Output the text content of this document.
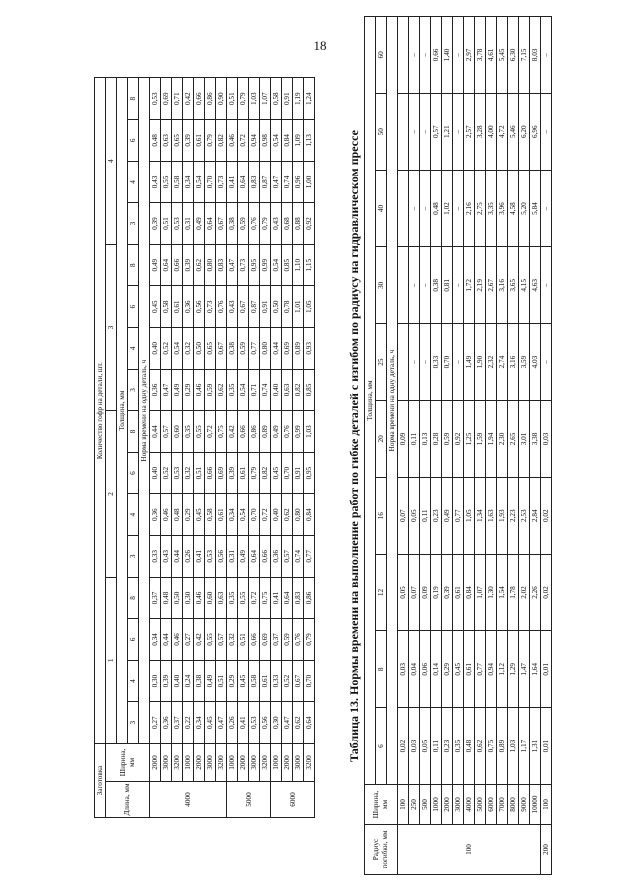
18
Заготовка		Количество гофр на детали, шт.															
Длина, мм	Ширина, мм	1				2				3				4			
		Толщина, мм															
		3	4	6	8	3	4	6	8	3	4	6	8	3	4	6	8
		Норма времени на одну деталь, ч															
4000	2000	0,27	0,30	0,34	0,37	0,33	0,36	0,40	0,44	0,36	0,40	0,45	0,49	0,39	0,43	0,48	0,53
	3000	0,36	0,39	0,44	0,48	0,43	0,46	0,52	0,57	0,47	0,52	0,58	0,64	0,51	0,55	0,63	0,69
	3200	0,37	0,40	0,46	0,50	0,44	0,48	0,53	0,60	0,49	0,54	0,61	0,66	0,53	0,58	0,65	0,71
	1000	0,22	0,24	0,27	0,30	0,26	0,29	0,32	0,35	0,29	0,32	0,36	0,39	0,31	0,34	0,39	0,42
	2000	0,34	0,38	0,42	0,46	0,41	0,45	0,51	0,55	0,46	0,50	0,56	0,62	0,49	0,54	0,61	0,66
	3000	0,45	0,49	0,55	0,60	0,53	0,58	0,66	0,72	0,59	0,65	0,73	0,80	0,64	0,70	0,79	0,86
	3200	0,47	0,51	0,57	0,63	0,56	0,61	0,69	0,75	0,62	0,67	0,76	0,83	0,67	0,73	0,82	0,90
5000	1000	0,26	0,29	0,32	0,35	0,31	0,34	0,39	0,42	0,35	0,38	0,43	0,47	0,38	0,41	0,46	0,51
	2000	0,41	0,45	0,51	0,55	0,49	0,54	0,61	0,66	0,54	0,59	0,67	0,73	0,59	0,64	0,72	0,79
	3000	0,53	0,58	0,66	0,72	0,64	0,70	0,79	0,86	0,71	0,77	0,87	0,95	0,76	0,83	0,94	1,03
	3200	0,56	0,61	0,69	0,75	0,66	0,72	0,82	0,89	0,74	0,80	0,91	0,99	0,79	0,87	0,98	1,07
6000	1000	0,30	0,33	0,37	0,41	0,36	0,40	0,45	0,49	0,40	0,44	0,50	0,54	0,43	0,47	0,54	0,58
	2000	0,47	0,52	0,59	0,64	0,57	0,62	0,70	0,76	0,63	0,69	0,78	0,85	0,68	0,74	0,84	0,91
	3000	0,62	0,67	0,76	0,83	0,74	0,80	0,91	0,99	0,82	0,89	1,01	1,10	0,88	0,96	1,09	1,19
	3200	0,64	0,70	0,79	0,86	0,77	0,84	0,95	1,03	0,85	0,93	1,05	1,15	0,92	1,00	1,13	1,24
Таблица 13. Нормы времени на выполнение работ по гибке деталей с изгибом по радиусу на гидравлическом прессе
Радиус погибки, мм	Ширина, мм	Толщина, мм									
		6	8	12	16	20	25	30	40	50	60
		Норма времени на одну деталь, ч									

100	100	0,02	0,03	0,05	0,07	0,09					
	250	0,03	0,04	0,07	0,05	0,11	–	–	–	–	–
	500	0,05	0,06	0,09	0,11	0,13	–	–	–	–	–
	1000	0,11	0,14	0,19	0,23	0,28	0,33	0,38	0,48	0,57	0,66
	2000	0,23	0,29	0,39	0,49	0,59	0,70	0,81	1,02	1,21	1,40
	3000	0,35	0,45	0,61	0,77	0,92	–	–	–	–	–
	4000	0,48	0,61	0,84	1,05	1,25	1,49	1,72	2,16	2,57	2,97
	5000	0,62	0,77	1,07	1,34	1,59	1,90	2,19	2,75	3,28	3,78
	6000	0,75	0,94	1,30	1,63	1,94	2,32	2,67	3,35	4,00	4,61
	7000	0,89	1,12	1,54	1,93	2,30	2,74	3,16	3,96	4,72	5,45
	8000	1,03	1,29	1,78	2,23	2,65	3,16	3,65	4,58	5,46	6,30
	9000	1,17	1,47	2,02	2,53	3,01	3,59	4,15	5,20	6,20	7,15
	10000	1,31	1,64	2,26	2,84	3,38	4,03	4,63	5,84	6,96	8,03
200	100	0,01	0,01	0,02	0,02	0,03	–	–	–	–	–
